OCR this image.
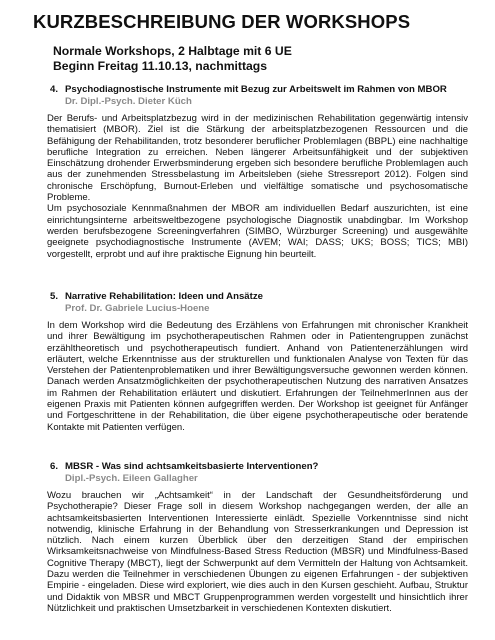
KURZBESCHREIBUNG DER WORKSHOPS
Normale Workshops, 2 Halbtage mit 6 UE
Beginn Freitag 11.10.13, nachmittags
4. Psychodiagnostische Instrumente mit Bezug zur Arbeitswelt im Rahmen von MBOR
Dr. Dipl.-Psych. Dieter Küch

Der Berufs- und Arbeitsplatzbezug wird in der medizinischen Rehabilitation gegenwärtig intensiv thematisiert (MBOR). Ziel ist die Stärkung der arbeitsplatzbezogenen Ressourcen und die Befähigung der Rehabilitanden, trotz besonderer beruflicher Problemlagen (BBPL) eine nachhaltige berufliche Integration zu erreichen. Neben längerer Arbeitsunfähigkeit und der subjektiven Einschätzung drohender Erwerbsminderung ergeben sich besondere berufliche Problemlagen auch aus der zunehmenden Stressbelastung im Arbeitsleben (siehe Stressreport 2012). Folgen sind chronische Erschöpfung, Burnout-Erleben und vielfältige somatische und psychosomatische Probleme.

Um psychosoziale Kennmaßnahmen der MBOR am individuellen Bedarf auszurichten, ist eine einrichtungsinterne arbeitsweltbezogene psychologische Diagnostik unabdingbar. Im Workshop werden berufsbezogene Screeningverfahren (SIMBO, Würzburger Screening) und ausgewählte geeignete psychodiagnostische Instrumente (AVEM; WAI; DASS; UKS; BOSS; TICS; MBI) vorgestellt, erprobt und auf ihre praktische Eignung hin beurteilt.

5. Narrative Rehabilitation: Ideen und Ansätze
Prof. Dr. Gabriele Lucius-Hoene

In dem Workshop wird die Bedeutung des Erzählens von Erfahrungen mit chronischer Krankheit und ihrer Bewältigung im psychotherapeutischen Rahmen oder in Patientengruppen zunächst erzähltheoretisch und psychotherapeutisch fundiert. Anhand von Patientenerzählungen wird erläutert, welche Erkenntnisse aus der strukturellen und funktionalen Analyse von Texten für das Verstehen der Patientenproblematiken und ihrer Bewältigungsversuche gewonnen werden können. Danach werden Ansatzmöglichkeiten der psychotherapeutischen Nutzung des narrativen Ansatzes im Rahmen der Rehabilitation erläutert und diskutiert. Erfahrungen der TeilnehmerInnen aus der eigenen Praxis mit Patienten können aufgegriffen werden. Der Workshop ist geeignet für Anfänger und Fortgeschrittene in der Rehabilitation, die über eigene psychotherapeutische oder beratende Kontakte mit Patienten verfügen.

6. MBSR - Was sind achtsamkeitsbasierte Interventionen?
Dipl.-Psych. Eileen Gallagher

Wozu brauchen wir „Achtsamkeit“ in der Landschaft der Gesundheitsförderung und Psychotherapie? Dieser Frage soll in diesem Workshop nachgegangen werden, der alle an achtsamkeitsbasierten Interventionen Interessierte einlädt. Spezielle Vorkenntnisse sind nicht notwendig, klinische Erfahrung in der Behandlung von Stresserkrankungen und Depression ist nützlich. Nach einem kurzen Überblick über den derzeitigen Stand der empirischen Wirksamkeitsnachweise von Mindfulness-Based Stress Reduction (MBSR) und Mindfulness-Based Cognitive Therapy (MBCT), liegt der Schwerpunkt auf dem Vermitteln der Haltung von Achtsamkeit. Dazu werden die Teilnehmer in verschiedenen Übungen zu eigenen Erfahrungen - der subjektiven Empirie - eingeladen. Diese wird exploriert, wie dies auch in den Kursen geschieht. Aufbau, Struktur und Didaktik von MBSR und MBCT Gruppenprogrammen werden vorgestellt und hinsichtlich ihrer Nützlichkeit und praktischen Umsetzbarkeit in verschiedenen Kontexten diskutiert.
